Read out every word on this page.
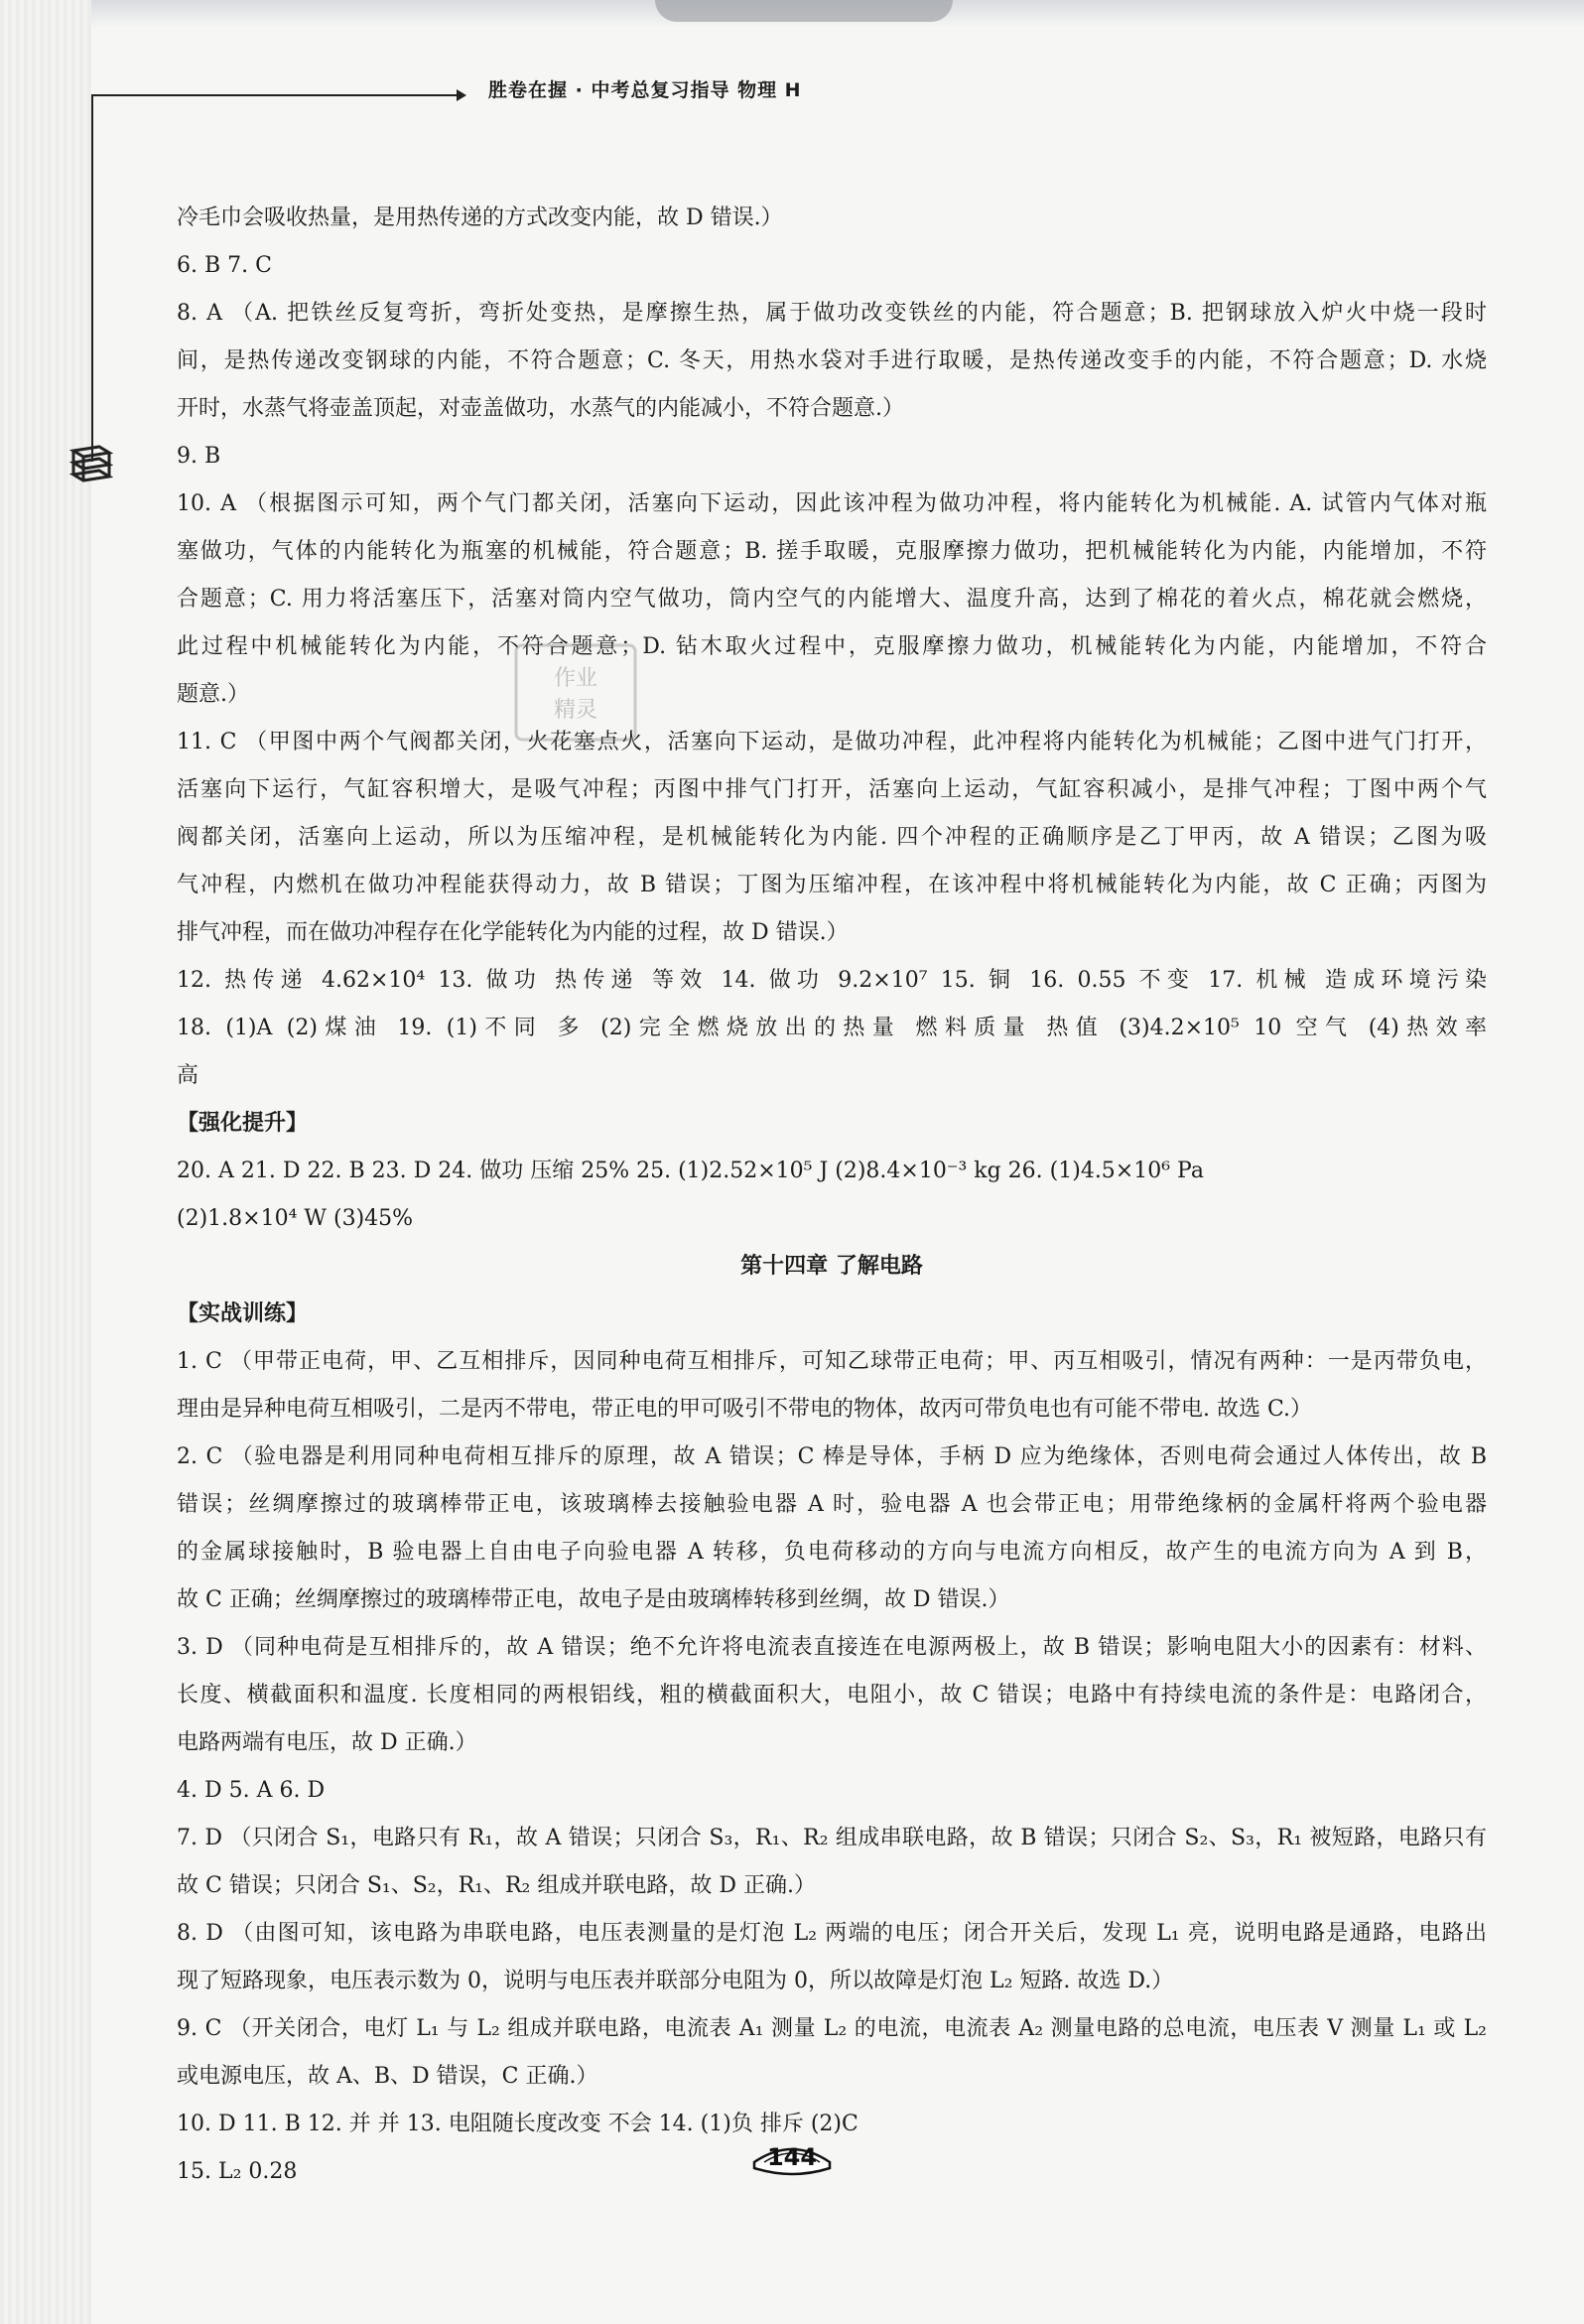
胜卷在握 · 中考总复习指导 物理 H
冷毛巾会吸收热量，是用热传递的方式改变内能，故 D 错误.）
6. B 7. C
8. A （A. 把铁丝反复弯折，弯折处变热，是摩擦生热，属于做功改变铁丝的内能，符合题意；B. 把钢球放入炉火中烧一段时
间，是热传递改变钢球的内能，不符合题意；C. 冬天，用热水袋对手进行取暖，是热传递改变手的内能，不符合题意；D. 水烧
开时，水蒸气将壶盖顶起，对壶盖做功，水蒸气的内能减小，不符合题意.）
9. B
10. A （根据图示可知，两个气门都关闭，活塞向下运动，因此该冲程为做功冲程，将内能转化为机械能. A. 试管内气体对瓶
塞做功，气体的内能转化为瓶塞的机械能，符合题意；B. 搓手取暖，克服摩擦力做功，把机械能转化为内能，内能增加，不符
合题意；C. 用力将活塞压下，活塞对筒内空气做功，筒内空气的内能增大、温度升高，达到了棉花的着火点，棉花就会燃烧，
此过程中机械能转化为内能，不符合题意；D. 钻木取火过程中，克服摩擦力做功，机械能转化为内能，内能增加，不符合
题意.）
11. C （甲图中两个气阀都关闭，火花塞点火，活塞向下运动，是做功冲程，此冲程将内能转化为机械能；乙图中进气门打开，
活塞向下运行，气缸容积增大，是吸气冲程；丙图中排气门打开，活塞向上运动，气缸容积减小，是排气冲程；丁图中两个气
阀都关闭，活塞向上运动，所以为压缩冲程，是机械能转化为内能. 四个冲程的正确顺序是乙丁甲丙，故 A 错误；乙图为吸
气冲程，内燃机在做功冲程能获得动力，故 B 错误；丁图为压缩冲程，在该冲程中将机械能转化为内能，故 C 正确；丙图为
排气冲程，而在做功冲程存在化学能转化为内能的过程，故 D 错误.）
12. 热传递 4.62×10⁴ 13. 做功 热传递 等效 14. 做功 9.2×10⁷ 15. 铜 16. 0.55 不变 17. 机械 造成环境污染
18. (1)A (2)煤油 19. (1)不同 多 (2)完全燃烧放出的热量 燃料质量 热值 (3)4.2×10⁵ 10 空气 (4)热效率
高
【强化提升】
20. A 21. D 22. B 23. D 24. 做功 压缩 25% 25. (1)2.52×10⁵ J (2)8.4×10⁻³ kg 26. (1)4.5×10⁶ Pa
(2)1.8×10⁴ W (3)45%
第十四章 了解电路
【实战训练】
1. C （甲带正电荷，甲、乙互相排斥，因同种电荷互相排斥，可知乙球带正电荷；甲、丙互相吸引，情况有两种：一是丙带负电，
理由是异种电荷互相吸引，二是丙不带电，带正电的甲可吸引不带电的物体，故丙可带负电也有可能不带电. 故选 C.）
2. C （验电器是利用同种电荷相互排斥的原理，故 A 错误；C 棒是导体，手柄 D 应为绝缘体，否则电荷会通过人体传出，故 B
错误；丝绸摩擦过的玻璃棒带正电，该玻璃棒去接触验电器 A 时，验电器 A 也会带正电；用带绝缘柄的金属杆将两个验电器
的金属球接触时，B 验电器上自由电子向验电器 A 转移，负电荷移动的方向与电流方向相反，故产生的电流方向为 A 到 B，
故 C 正确；丝绸摩擦过的玻璃棒带正电，故电子是由玻璃棒转移到丝绸，故 D 错误.）
3. D （同种电荷是互相排斥的，故 A 错误；绝不允许将电流表直接连在电源两极上，故 B 错误；影响电阻大小的因素有：材料、
长度、横截面积和温度. 长度相同的两根铝线，粗的横截面积大，电阻小，故 C 错误；电路中有持续电流的条件是：电路闭合，
电路两端有电压，故 D 正确.）
4. D 5. A 6. D
7. D （只闭合 S₁，电路只有 R₁，故 A 错误；只闭合 S₃，R₁、R₂ 组成串联电路，故 B 错误；只闭合 S₂、S₃，R₁ 被短路，电路只有
故 C 错误；只闭合 S₁、S₂，R₁、R₂ 组成并联电路，故 D 正确.）
8. D （由图可知，该电路为串联电路，电压表测量的是灯泡 L₂ 两端的电压；闭合开关后，发现 L₁ 亮，说明电路是通路，电路出
现了短路现象，电压表示数为 0，说明与电压表并联部分电阻为 0，所以故障是灯泡 L₂ 短路. 故选 D.）
9. C （开关闭合，电灯 L₁ 与 L₂ 组成并联电路，电流表 A₁ 测量 L₂ 的电流，电流表 A₂ 测量电路的总电流，电压表 V 测量 L₁ 或 L₂
或电源电压，故 A、B、D 错误，C 正确.）
10. D 11. B 12. 并 并 13. 电阻随长度改变 不会 14. (1)负 排斥 (2)C
15. L₂ 0.28
作业
精灵
144
